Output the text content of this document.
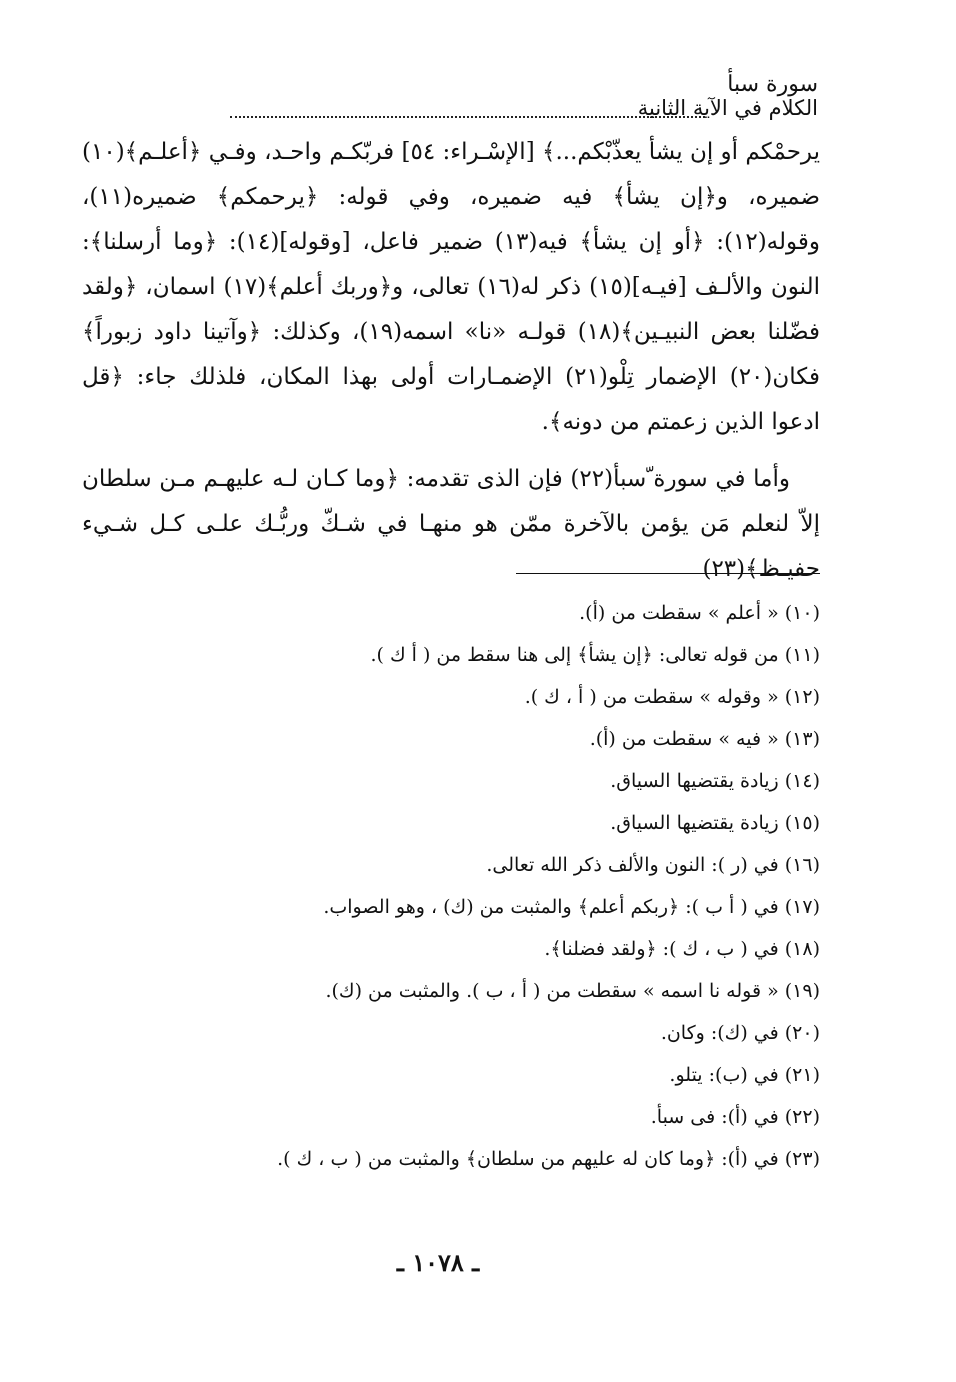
سورة سبأ
الكلام في الآية الثانية

يرحمْكم أو إن يشأ يعذّبْكم...﴾ [الإسْـراء: ٥٤] فربّكـم واحـد، وفـي ﴿أعلـم﴾(١٠) ضميره، و﴿إن يشأ﴾ فيه ضميره، وفي قوله: ﴿يرحمكم﴾ ضميره(١١)، وقوله(١٢): ﴿أو إن يشأ﴾ فيه(١٣) ضمير فاعل، [وقوله](١٤): ﴿وما أرسلنا﴾: النون والألـف [فيـه](١٥) ذكر له(١٦) تعالى، و﴿وربك أعلم﴾(١٧) اسمان، ﴿ولقد فضّلنا بعض النبيـين﴾(١٨) قولـه «نا» اسمه(١٩)، وكذلك: ﴿وآتينا داود زبوراً﴾ فكان(٢٠) الإضمار تِلْو(٢١) الإضمـارات أولى بهذا المكان، فلذلك جاء: ﴿قل ادعوا الذين زعمتم من دونه﴾.

وأما في سورة ّسبأ(٢٢) فإن الذى تقدمه: ﴿وما كـان لـه عليهـم مـن سلطان إلاّ لنعلم مَن يؤمن بالآخرة ممّن هو منهـا في شـكّ وربُّـك علـى كـل شـيء حفيـظ﴾(٢٣)

(١٠) « أعلم » سقطت من (أ).
(١١) من قوله تعالى: ﴿إن يشأ﴾ إلى هنا سقط من ( أ ك ).
(١٢) « وقوله » سقطت من ( أ ، ك ).
(١٣) « فيه » سقطت من (أ).
(١٤) زيادة يقتضيها السياق.
(١٥) زيادة يقتضيها السياق.
(١٦) في (ر ): النون والألف ذكر الله تعالى.
(١٧) في ( أ ب ): ﴿ربكم أعلم﴾ والمثبت من (ك) ، وهو الصواب.
(١٨) في ( ب ، ك ): ﴿ولقد فضلنا﴾.
(١٩) « قوله نا اسمه » سقطت من ( أ ، ب ). والمثبت من (ك).
(٢٠) في (ك): وكان.
(٢١) في (ب): يتلو.
(٢٢) في (أ): فى سبأ.
(٢٣) في (أ): ﴿وما كان له عليهم من سلطان﴾ والمثبت من ( ب ، ك ).
ـ ١٠٧٨ ـ
